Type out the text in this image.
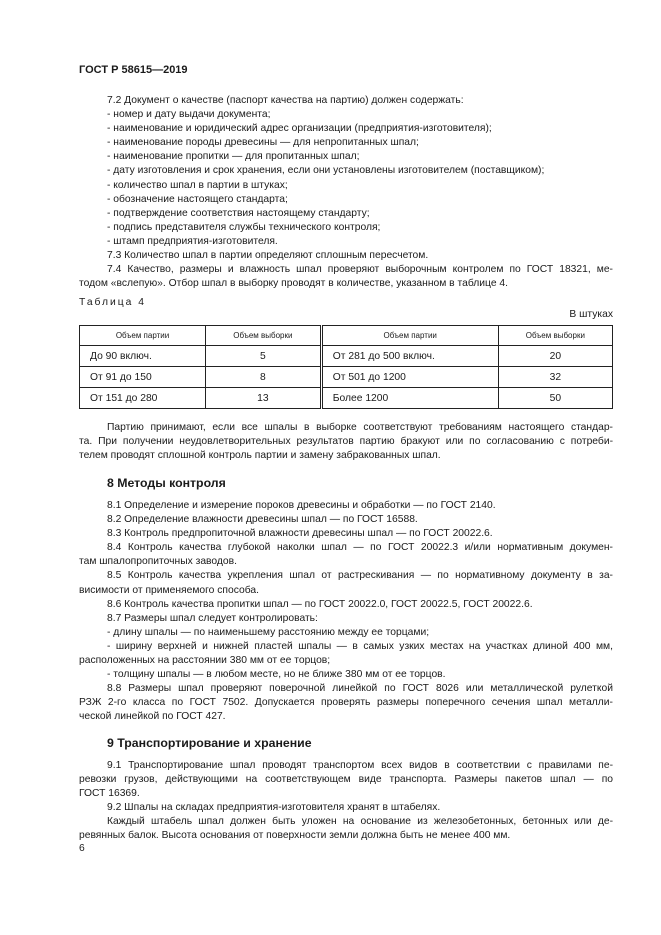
ГОСТ Р 58615—2019
7.2 Документ о качестве (паспорт качества на партию) должен содержать:
- номер и дату выдачи документа;
- наименование и юридический адрес организации (предприятия-изготовителя);
- наименование породы древесины — для непропитанных шпал;
- наименование пропитки — для пропитанных шпал;
- дату изготовления и срок хранения, если они установлены изготовителем (поставщиком);
- количество шпал в партии в штуках;
- обозначение настоящего стандарта;
- подтверждение соответствия настоящему стандарту;
- подпись представителя службы технического контроля;
- штамп предприятия-изготовителя.
7.3 Количество шпал в партии определяют сплошным пересчетом.
7.4 Качество, размеры и влажность шпал проверяют выборочным контролем по ГОСТ 18321, ме-
тодом «вслепую». Отбор шпал в выборку проводят в количестве, указанном в таблице 4.
Таблица 4
В штуках
Объем партии	Объем выборки	Объем партии	Объем выборки
До 90 включ.	5	От 281 до 500 включ.	20
От 91 до 150	8	От 501 до 1200	32
От 151 до 280	13	Более 1200	50
Партию принимают, если все шпалы в выборке соответствуют требованиям настоящего стандар-
та. При получении неудовлетворительных результатов партию бракуют или по согласованию с потреби-
телем проводят сплошной контроль партии и замену забракованных шпал.
8 Методы контроля
8.1 Определение и измерение пороков древесины и обработки — по ГОСТ 2140.
8.2 Определение влажности древесины шпал — по ГОСТ 16588.
8.3 Контроль предпропиточной влажности древесины шпал — по ГОСТ 20022.6.
8.4 Контроль качества глубокой наколки шпал — по ГОСТ 20022.3 и/или нормативным докумен-
там шпалопропиточных заводов.
8.5 Контроль качества укрепления шпал от растрескивания — по нормативному документу в за-
висимости от применяемого способа.
8.6 Контроль качества пропитки шпал — по ГОСТ 20022.0, ГОСТ 20022.5, ГОСТ 20022.6.
8.7 Размеры шпал следует контролировать:
- длину шпалы — по наименьшему расстоянию между ее торцами;
- ширину верхней и нижней пластей шпалы — в самых узких местах на участках длиной 400 мм,
расположенных на расстоянии 380 мм от ее торцов;
- толщину шпалы — в любом месте, но не ближе 380 мм от ее торцов.
8.8 Размеры шпал проверяют поверочной линейкой по ГОСТ 8026 или металлической рулеткой
РЗЖ 2-го класса по ГОСТ 7502. Допускается проверять размеры поперечного сечения шпал металли-
ческой линейкой по ГОСТ 427.
9 Транспортирование и хранение
9.1 Транспортирование шпал проводят транспортом всех видов в соответствии с правилами пе-
ревозки грузов, действующими на соответствующем виде транспорта. Размеры пакетов шпал — по
ГОСТ 16369.
9.2 Шпалы на складах предприятия-изготовителя хранят в штабелях.
Каждый штабель шпал должен быть уложен на основание из железобетонных, бетонных или де-
ревянных балок. Высота основания от поверхности земли должна быть не менее 400 мм.
6
